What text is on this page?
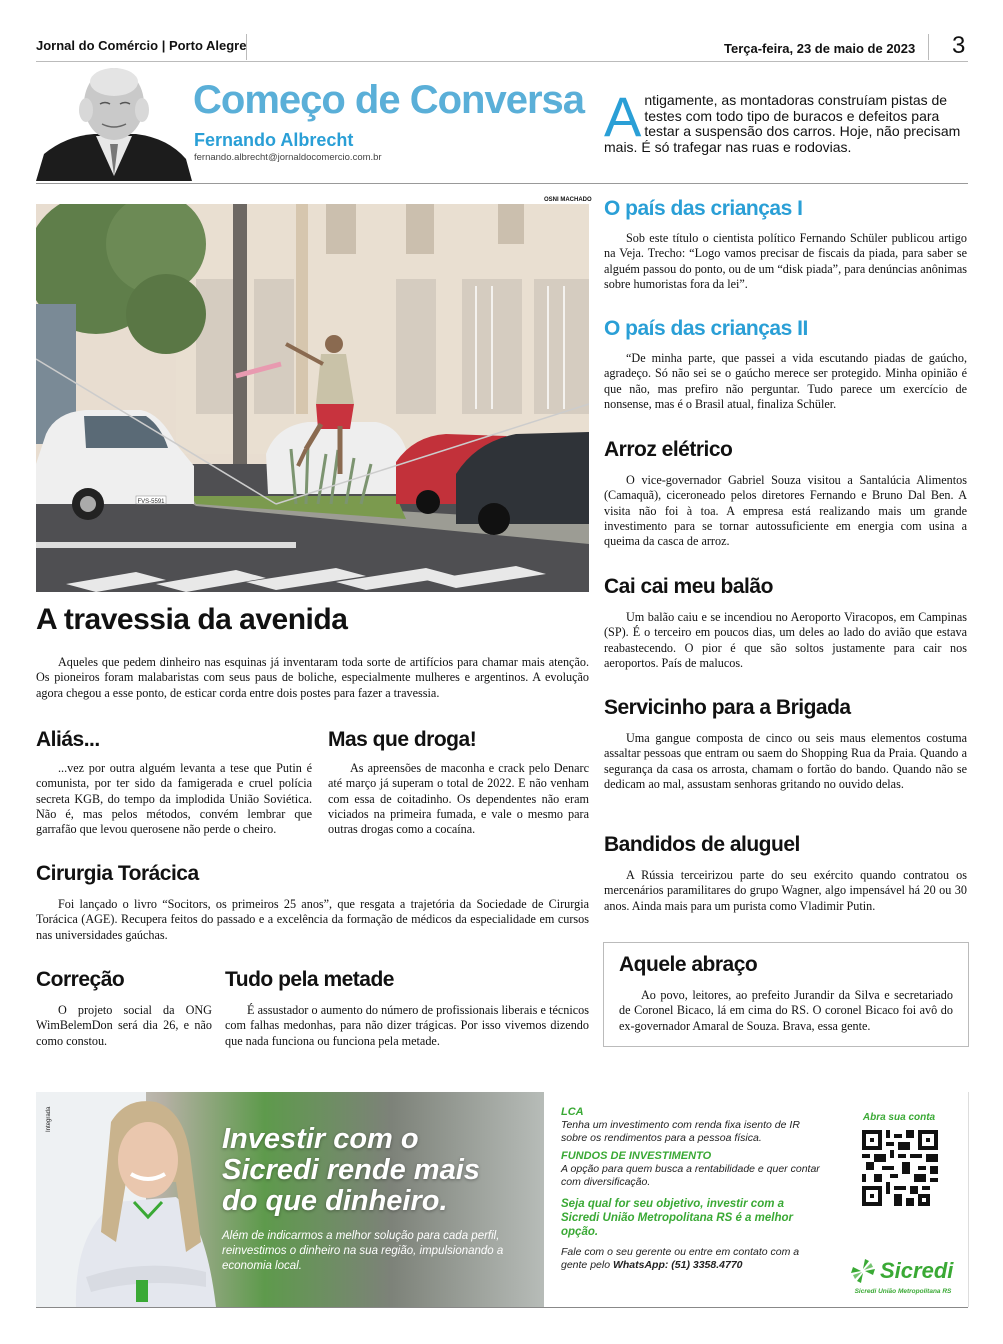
Jornal do Comércio | Porto Alegre	Terça-feira, 23 de maio de 2023 3
Começo de Conversa
Fernando Albrecht
fernando.albrecht@jornaldocomercio.com.br
Antigamente, as montadoras construíam pistas de testes com todo tipo de buracos e defeitos para testar a suspensão dos carros. Hoje, não precisam mais. É só trafegar nas ruas e rodovias.
OSNI MACHADO
FVS-5591
A travessia da avenida

Aqueles que pedem dinheiro nas esquinas já inventaram toda sorte de artifícios para chamar mais atenção. Os pioneiros foram malabaristas com seus paus de boliche, especialmente mulheres e argentinos. A evolução agora chegou a esse ponto, de esticar corda entre dois postes para fazer a travessia.

Aliás...

...vez por outra alguém levanta a tese que Putin é comunista, por ter sido da famigerada e cruel polícia secreta KGB, do tempo da implodida União Soviética. Não é, mas pelos métodos, convém lembrar que garrafão que levou querosene não perde o cheiro.

Mas que droga!

As apreensões de maconha e crack pelo Denarc até março já superam o total de 2022. E não venham com essa de coitadinho. Os dependentes não eram viciados na primeira fumada, e vale o mesmo para outras drogas como a cocaína.

Cirurgia Torácica

Foi lançado o livro “Socitors, os primeiros 25 anos”, que resgata a trajetória da Sociedade de Cirurgia Torácica (AGE). Recupera feitos do passado e a excelência da formação de médicos da especialidade em cursos nas universidades gaúchas.

Correção

O projeto social da ONG WimBelemDon será dia 26, e não como constou.

Tudo pela metade

É assustador o aumento do número de profissionais liberais e técnicos com falhas medonhas, para não dizer trágicas. Por isso vivemos dizendo que nada funciona ou funciona pela metade.

O país das crianças I

Sob este título o cientista político Fernando Schüler publicou artigo na Veja. Trecho: “Logo vamos precisar de fiscais da piada, para saber se alguém passou do ponto, ou de um “disk piada”, para denúncias anônimas sobre humoristas fora da lei”.

O país das crianças II

“De minha parte, que passei a vida escutando piadas de gaúcho, agradeço. Só não sei se o gaúcho merece ser protegido. Minha opinião é que não, mas prefiro não perguntar. Tudo parece um exercício de nonsense, mas é o Brasil atual, finaliza Schüler.

Arroz elétrico

O vice-governador Gabriel Souza visitou a Santalúcia Alimentos (Camaquã), ciceroneado pelos diretores Fernando e Bruno Dal Ben. A visita não foi à toa. A empresa está realizando mais um grande investimento para se tornar autossuficiente em energia com usina a queima da casca de arroz.

Cai cai meu balão

Um balão caiu e se incendiou no Aeroporto Viracopos, em Campinas (SP). É o terceiro em poucos dias, um deles ao lado do avião que estava reabastecendo. O pior é que são soltos justamente para cair nos aeroportos. País de malucos.

Servicinho para a Brigada

Uma gangue composta de cinco ou seis maus elementos costuma assaltar pessoas que entram ou saem do Shopping Rua da Praia. Quando a segurança da casa os arrosta, chamam o fortão do bando. Quando não se dedicam ao mal, assustam senhoras gritando no ouvido delas.

Bandidos de aluguel

A Rússia terceirizou parte do seu exército quando contratou os mercenários paramilitares do grupo Wagner, algo impensável há 20 ou 30 anos. Ainda mais para um purista como Vladimir Putin.

Aquele abraço

Ao povo, leitores, ao prefeito Jurandir da Silva e secretariado de Coronel Bicaco, lá em cima do RS. O coronel Bicaco foi avô do ex-governador Amaral de Souza. Brava, essa gente.

Integrada
Investir com o
Sicredi rende mais
do que dinheiro.
Além de indicarmos a melhor solução para cada perfil, reinvestimos o dinheiro na sua região, impulsionando a economia local.
LCA
Tenha um investimento com renda fixa isento de IR sobre os rendimentos para a pessoa física.
FUNDOS DE INVESTIMENTO
A opção para quem busca a rentabilidade e quer contar com diversificação.
Seja qual for seu objetivo, investir com a Sicredi União Metropolitana RS é a melhor opção.
Fale com o seu gerente ou entre em contato com a gente pelo WhatsApp: (51) 3358.4770
Abra sua conta
Sicredi
Sicredi União Metropolitana RS
